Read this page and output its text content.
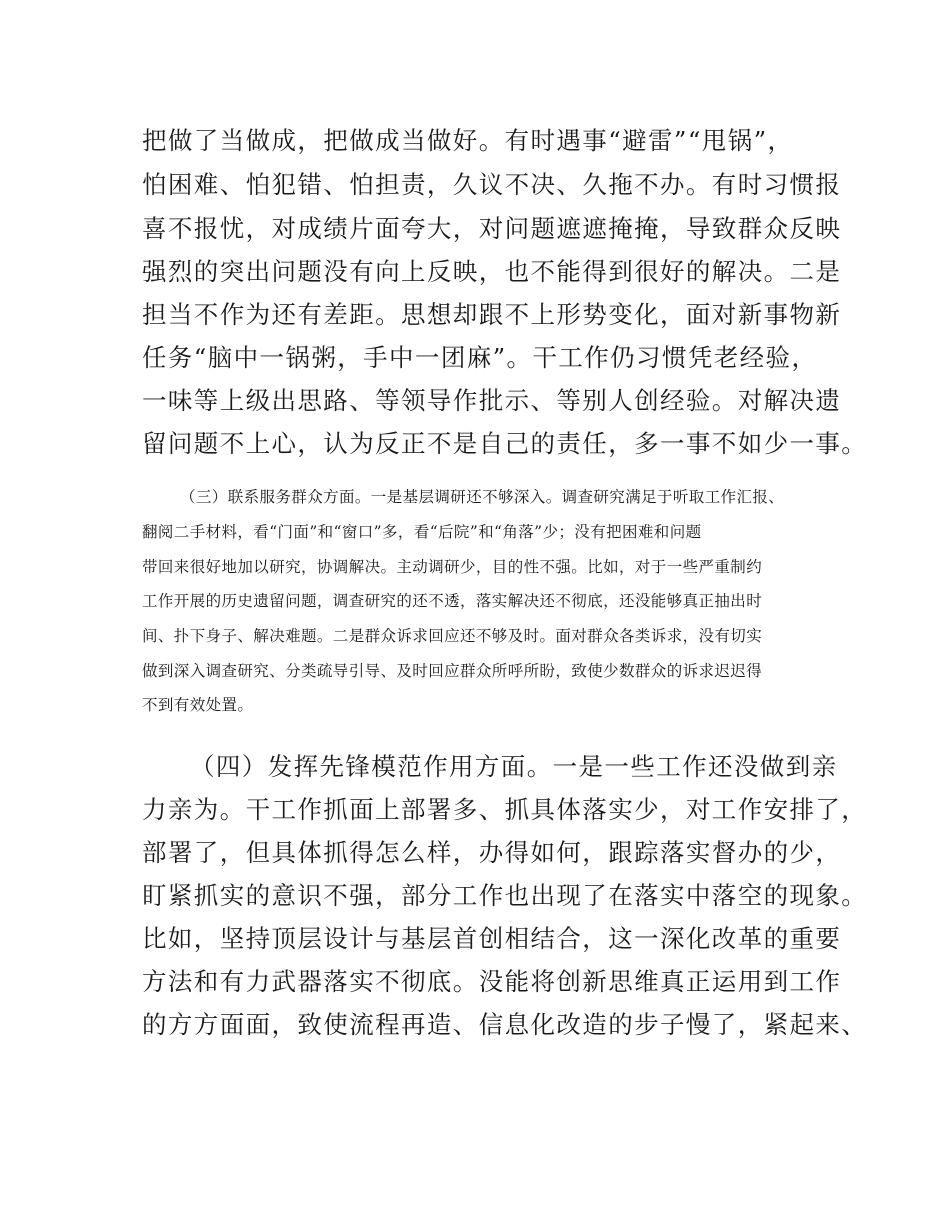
把做了当做成，把做成当做好。有时遇事“避雷”“甩锅”，
怕困难、怕犯错、怕担责，久议不决、久拖不办。有时习惯报
喜不报忧，对成绩片面夸大，对问题遮遮掩掩，导致群众反映
强烈的突出问题没有向上反映，也不能得到很好的解决。二是
担当不作为还有差距。思想却跟不上形势变化，面对新事物新
任务“脑中一锅粥，手中一团麻”。干工作仍习惯凭老经验，
一味等上级出思路、等领导作批示、等别人创经验。对解决遗
留问题不上心，认为反正不是自己的责任，多一事不如少一事。
（三）联系服务群众方面。一是基层调研还不够深入。调查研究满足于听取工作汇报、
翻阅二手材料，看“门面”和“窗口”多，看“后院”和“角落”少；没有把困难和问题
带回来很好地加以研究，协调解决。主动调研少，目的性不强。比如，对于一些严重制约
工作开展的历史遗留问题，调查研究的还不透，落实解决还不彻底，还没能够真正抽出时
间、扑下身子、解决难题。二是群众诉求回应还不够及时。面对群众各类诉求，没有切实
做到深入调查研究、分类疏导引导、及时回应群众所呼所盼，致使少数群众的诉求迟迟得
不到有效处置。
（四）发挥先锋模范作用方面。一是一些工作还没做到亲
力亲为。干工作抓面上部署多、抓具体落实少，对工作安排了，
部署了，但具体抓得怎么样，办得如何，跟踪落实督办的少，
盯紧抓实的意识不强，部分工作也出现了在落实中落空的现象。
比如，坚持顶层设计与基层首创相结合，这一深化改革的重要
方法和有力武器落实不彻底。没能将创新思维真正运用到工作
的方方面面，致使流程再造、信息化改造的步子慢了，紧起来、
